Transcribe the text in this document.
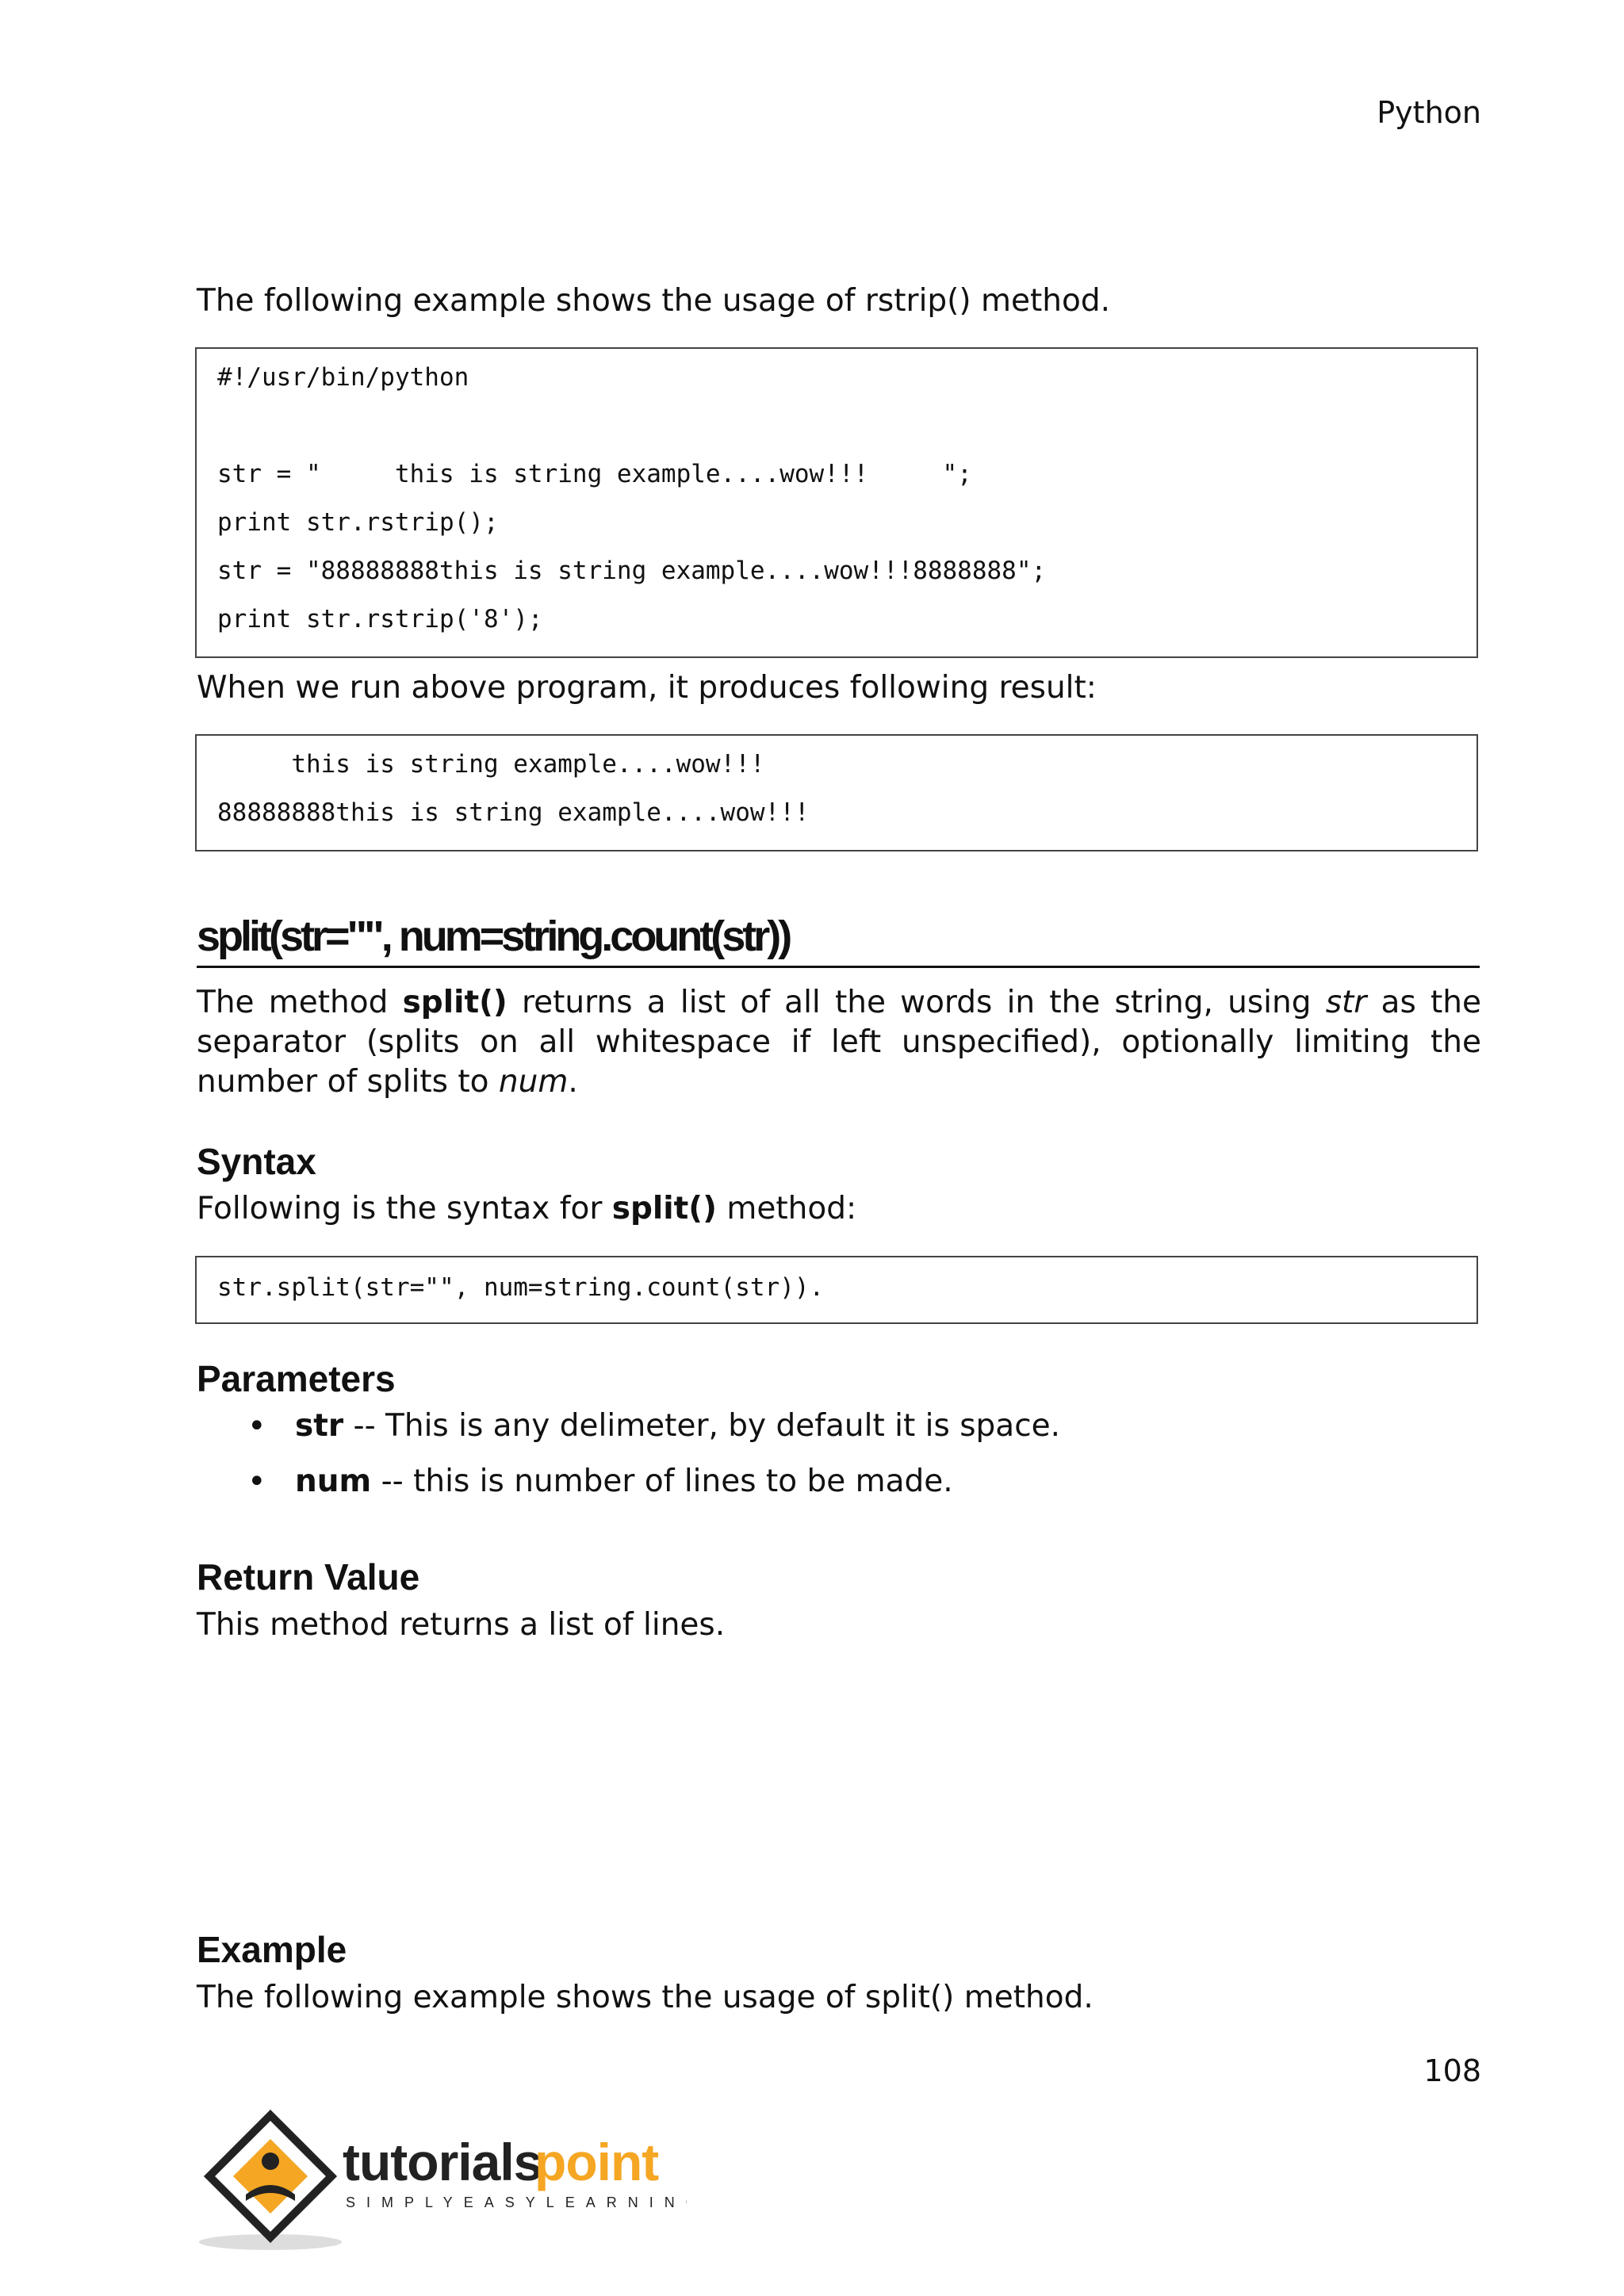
Python
The following example shows the usage of rstrip() method.
#!/usr/bin/python
str = "     this is string example....wow!!!     ";
print str.rstrip();
str = "88888888this is string example....wow!!!8888888";
print str.rstrip('8');
When we run above program, it produces following result:
this is string example....wow!!!
88888888this is string example....wow!!!
split(str="", num=string.count(str))
The method split() returns a list of all the words in the string, using str as the separator (splits on all whitespace if left unspecified), optionally limiting the number of splits to num.
Syntax
Following is the syntax for split() method:
str.split(str="", num=string.count(str)).
Parameters
• str -- This is any delimeter, by default it is space.
• num -- this is number of lines to be made.
Return Value
This method returns a list of lines.
Example
The following example shows the usage of split() method.
108
tutorials
point
SIMPLYEASYLEARNING
